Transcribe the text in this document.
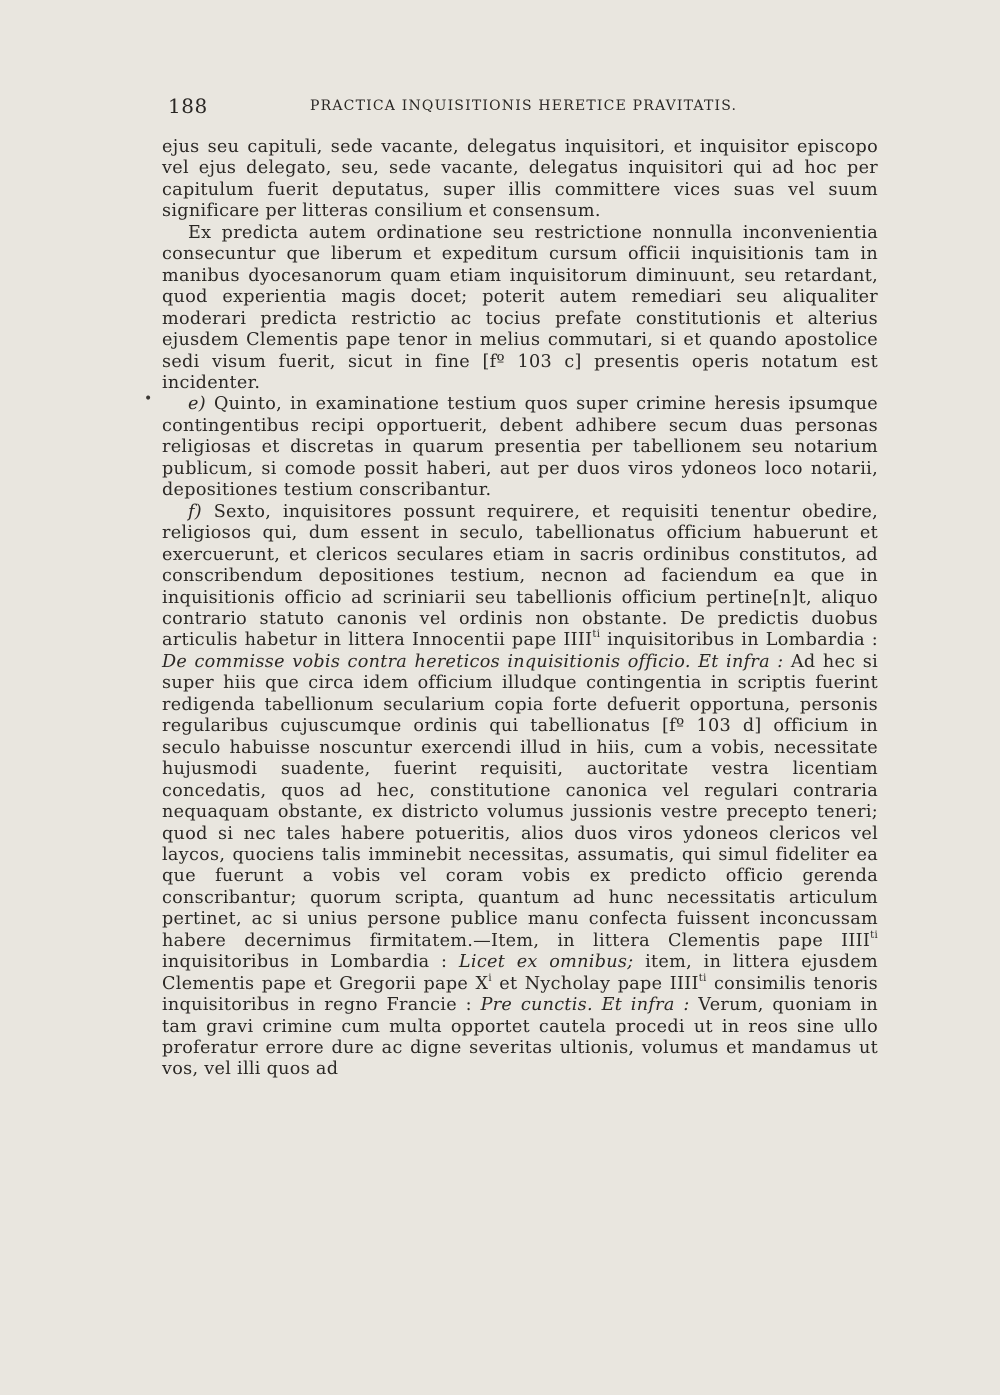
188	PRACTICA INQUISITIONIS HERETICE PRAVITATIS.
•

ejus seu capituli, sede vacante, delegatus inquisitori, et inquisitor episcopo vel ejus delegato, seu, sede vacante, delegatus inquisitori qui ad hoc per capitulum fuerit deputatus, super illis committere vices suas vel suum significare per litteras consilium et consensum.

Ex predicta autem ordinatione seu restrictione nonnulla inconvenientia consecuntur que liberum et expeditum cursum officii inquisitionis tam in manibus dyocesanorum quam etiam inquisitorum diminuunt, seu retardant, quod experientia magis docet; poterit autem remediari seu aliqualiter moderari predicta restrictio ac tocius prefate constitutionis et alterius ejusdem Clementis pape tenor in melius commutari, si et quando apostolice sedi visum fuerit, sicut in fine [fº 103 c] presentis operis notatum est incidenter.

e) Quinto, in examinatione testium quos super crimine heresis ipsumque contingentibus recipi opportuerit, debent adhibere secum duas personas religiosas et discretas in quarum presentia per tabellionem seu notarium publicum, si comode possit haberi, aut per duos viros ydoneos loco notarii, depositiones testium conscribantur.

f) Sexto, inquisitores possunt requirere, et requisiti tenentur obedire, religiosos qui, dum essent in seculo, tabellionatus officium habuerunt et exercuerunt, et clericos seculares etiam in sacris ordinibus constitutos, ad conscribendum depositiones testium, necnon ad faciendum ea que in inquisitionis officio ad scriniarii seu tabellionis officium pertine[n]t, aliquo contrario statuto canonis vel ordinis non obstante. De predictis duobus articulis habetur in littera Innocentii pape $IIII^{ti}$ inquisitoribus in Lombardia : De commisse vobis contra hereticos inquisitionis officio. Et infra : Ad hec si super hiis que circa idem officium illudque contingentia in scriptis fuerint redigenda tabellionum secularium copia forte defuerit opportuna, personis regularibus cujuscumque ordinis qui tabellionatus [fº 103 d] officium in seculo habuisse noscuntur exercendi illud in hiis, cum a vobis, necessitate hujusmodi suadente, fuerint requisiti, auctoritate vestra licentiam concedatis, quos ad hec, constitutione canonica vel regulari contraria nequaquam obstante, ex districto volumus jussionis vestre precepto teneri; quod si nec tales habere potueritis, alios duos viros ydoneos clericos vel laycos, quociens talis imminebit necessitas, assumatis, qui simul fideliter ea que fuerunt a vobis vel coram vobis ex predicto officio gerenda conscribantur; quorum scripta, quantum ad hunc necessitatis articulum pertinet, ac si unius persone publice manu confecta fuissent inconcussam habere decernimus firmitatem.—Item, in littera Clementis pape $IIII^{ti}$ inquisitoribus in Lombardia : Licet ex omnibus; item, in littera ejusdem Clementis pape et Gregorii pape $X^i$ et Nycholay pape $IIII^{ti}$ consimilis tenoris inquisitoribus in regno Francie : Pre cunctis. Et infra : Verum, quoniam in tam gravi crimine cum multa opportet cautela procedi ut in reos sine ullo proferatur errore dure ac digne severitas ultionis, volumus et mandamus ut vos, vel illi quos ad
